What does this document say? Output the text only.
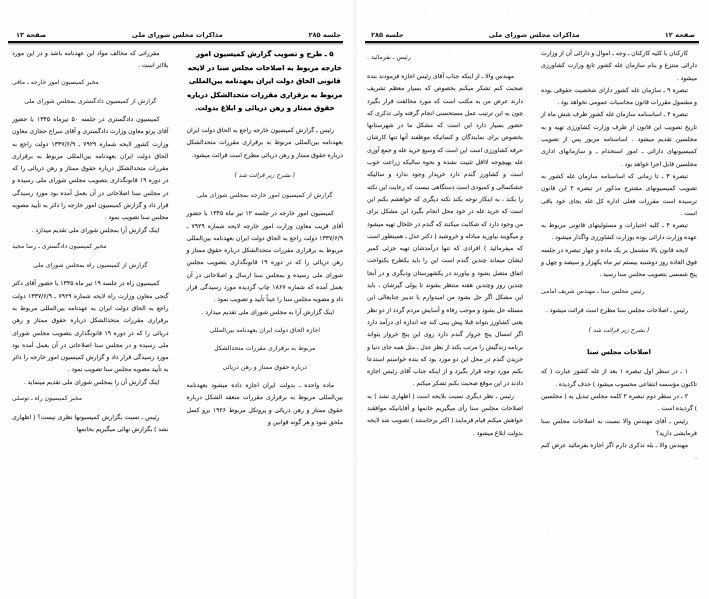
صفحه ۱۲
مذاکرات مجلس شورای ملی
جلسه ۲۸۵

کارکنان با کلیه کارکنان ـ وجه ـ اموال و دارائی آن از وزارت دارائی منتزع و بنام سازمان غله کشور تابع وزارت کشاورزی میشود .

تبصره ۹ ـ سازمان غله کشور دارای شخصیت حقوقی بوده و مشمول مقررات قانون محاسبات عمومی نخواهد بود .

تبصره ۲ ـ اساسنامه سازمان غله کشور ظرف شش ماه از تاریخ تصویب این قانون از طرف وزارت کشاورزی تهیه و به مجلسین تقدیم میشود . اساسنامه مزبور پس از تصویب کمیسیونهای دارائی ـ امور استخدام ـ و سازمانهای اداری مجلسین قابل اجرا خواهد بود .

تبصره ۳ ـ تا زمانی که اساسنامه سازمان غله کشور به تصویب کمیسیونهای مشترح مذکور در تبصره ۲ این قانون نرسیده است مقررات فعلی اداره کل غله بجای خود باقی است .

تبصره ۴ ـ کلیه اختیارات و مسئولیتهای قانونی مربوط به عهده وزارت دارائی بوده بوزارت کشاورزی واگذار میشود .

لایحه قانون بالا مشتمل بر یک ماده و چهار تبصره در جلسه فوق العاده روز دوشنبه بیستم تیر ماه یکهزار و سیصد و چهل و پنج شمسی بتصویب مجلس سنا رسید .

رئیس مجلس سنا ـ مهندس شریف امامی

رئیس ـ اصلاحات مجلس سنا مطرح است قرائت میشود .

( بشرح زیر قرائت شد )

اصلاحات مجلس سنا

۱ ـ در سطر اول تبصره ۱ بعد از غله کشور عبارت ( که تاکنون مؤسسه انتفاعی محسوب میشود ) حذف گردیده .

۲ ـ در سطر دوم تبصره ۲ کلمه مجلس تبدیل به ( مجلسین ) گردیده است .

رئیس ـ آقای مهندس والا نسبت به اصلاحات مجلس سنا فرمایشی دارید؟

مهندس والا ـ بله تذکری دارم اگر اجازه بفرمائید عرض کنم .

رئیس ـ بفرمائید .

مهندس والا ـ از اینکه جناب آقای رئیس اجازه فرمودند بنده صحبت کنم تشکر میکنم بخصوص که بسیار معظم تشریف دارند عرض من به مکتب است که مورد مخالفت قرار بگیرد چون به این ترتیب عمل مستحسنی انجام گرفته ولی تذکری که حضور بسیار دارد این است که مشکل ما در شهرستانها بخصوص برای نمایندگان و کسانیکه موظفند آنها تنها کارشان حرفه کشاورزی است این است که وسیع خرید غله و جمع آوری غله بهیچوجه لااقل تثبیت نشده و نحوه سالیکه زراعت خوب است و کشاورز گندم دارد خریدار وجود ندارد و سالیکه خشکسالی و کمبودی است دستگاهی نیست که رعایت این نکته را بکند ، به اینکار توجه بکند نکته دیگری که خواهشم بکنم این است که خرید غله در خود محل انجام بگیرد این مشکل برای من وجود دارد که شکایت میکنند که گندم در خلخال تهیه میشود و میگویند بیاورید مبادله و خروشید ( دکتر عدل ـ همینطور است که میفرمائید ) افرادی که تنها درآمدشان تهیه جزئی کمبر ایشان میماند چندین گندم است این را باید یکطرح یکنواخت اتفاق متصل بشود و بیاورند در یکشهرستان ودیگری و در آنجا چندین روز وچندین هفته منتظر بشوند تا پولی گیرشان ، باید این مشکل اگر حل بشود من امیدوارم با تدبیر جنابعالی این مسئله حل بشود و موجب رفاه و آسایش مردم گردد از دو نظر یعنی کشاورز بتواند قبلا پیش بینی کند چه اندازه ای درآمد دارد اگر امسال پنج خروار گندم دارد روی این پنج خروار بتواند برنامه زندگیش را مرتب بکند از نظر عدل ـ مثل همه جای دنیا و خریدن گندم در محل این دو مورد بود که بنده خواستم استدعا بکنم مورد توجه قرار بگیرد و از اینکه جناب آقای رئیس اجازه دادند در این موقع صحبت بکنم تشکر میکنم .

رئیس ـ نظر دیگری نسبت بلایحه است ( اظهاری نشد ) به اصلاحات مجلس سنا رأی میگیریم خانمها و آقایانیکه موافقند خواهش میکنم قیام فرمایند ( اکثر برخاستند ) تصویب شد لایحه بدولت ابلاغ میشود .

جلسه ۲۸۵
مذاکرات مجلس شورای ملی
صفحه ۱۳

۵ ـ طرح و تصویب گزارش کمیسیون امور خارجه مربوط به اصلاحات مجلس سنا در لایحه قانونی الحاق دولت ایران بعهدنامه بین‌المللی مربوط به برقراری مقررات متحدالشکل درباره حقوق ممتاز و رهن دریائی و ابلاغ بدولت.

رئیس ـ گزارش کمیسیون خارجه راجع به الحاق دولت ایران بعهدنامه بین‌المللی مربوط به برقراری مقررات متحدالشکل درباره حقوق ممتاز و رهن دریائی مطرح است قرائت میشود.

( بشرح زیر قرائت شد )

گزارش از کمیسیون امور خارجه بمجلس شورای ملی

کمیسیون امور خارجه در جلسه ۱۲ تیر ماه ۱۳۴۵ با حضور آقای قریب معاون وزارت امور خارجه لایحه شماره ۷۹۲۹ ـ ۱۳۳۷/۶/۹ دولت راجع به الحاق دولت ایران بعهدنامه بین‌المللی مربوط به برقراری مقررات متحدالشکل درباره حقوق ممتاز و رهن دریائی را که در دوره ۱۹ قانونگذاری بتصویب مجلس شورای ملی رسیده و بمجلس سنا ارسال و اصلاحاتی در آن بعمل آمده که شماره ۱۸۶۷ چاپ گردیده مورد رسیدگی قرار داد و مصوبه مجلس سنا را عیناً تأیید و تصویب نمود .

اینک گزارش آرا به مجلس شورای ملی تقدیم میدارد .

اجازه الحاق دولت ایران بعهدنامه بین‌المللی

مربوط به برقراری مقررات متحدالشکل

درباره حقوق ممتاز و رهن دریائی

ماده واحده ـ بدولت ایران اجازه داده میشود بعهدنامه بین‌المللی مربوط به برقراری مقررات منعقد الشکل درباره حقوق ممتاز و رهن دریائی و پروتکل مربوط ۱۹۲۶ برو کسل ملحق شود و هر گونه قوانین و

مقرراتی که مخالف مواد این عهدنامه باشد و در این مورد بلااثر است .

مخبر کمیسیون امور خارجه ـ مافی

گزارش از کمیسیون دادگستری بمجلس شورای ملی

کمیسیون دادگستری در جلسه ۵۰ تیرماه ۱۳۴۵ با حضور آقای پرتو معاون وزارت دادگستری و آقای سراج حجازی معاون وزارت کشور لایحه شماره ۷۹۲۹ ـ ۱۳۳۷/۶/۹ دولت راجع به الحاق دولت ایران بعهدنامه بین‌المللی مربوط به برقراری مقررات متحدالشکل درباره حقوق ممتاز و رهن دریائی را که در دوره ۱۹ قانونگذاری بتصویب مجلس شورای ملی رسیده و در مجلس سنا اصلاحاتی در آن بعمل آمده بود مورد رسیدگی قرار داد و گزارش کمیسیون امور خارجه را دائر به تأیید مصوبه مجلس سنا تصویب نمود .

اینک گزارش آرا بمجلس شورای ملی تقدیم میدارد .

مخبر کمیسیون دادگستری ـ رضا مجید

گزارش از کمیسیون راه بمجلس شورای ملی

کمیسیون راه در جلسه ۱۹ تیر ماه ۱۳۴۵ با حضور آقای دکتر گنجی معاون وزارت راه لایحه شماره ۷۹۲۹ ـ ۱۳۳۷/۶/۹ دولت راجع به الحاق دولت ایران به عهدنامه بین‌المللی مربوط به برقراری مقررات متحدالشکل درباره حقوق ممتاز و رهن دریائی را که در دوره ۱۹ قانونگذاری بتصویب مجلس شورای ملی رسیده و در مجلس سنا اصلاحاتی در آن بعمل آمده بود مورد رسیدگی قرار داد و گزارش کمیسیون امور خارجه را دائر به تأیید مصوبه مجلس سنا تصویب نمود .

اینک گزارش آن را بمجلس شورای ملی تقدیم مینماید .

مخبر کمیسیون راه ـ توسلی

رئیس ـ نسبت بگزارش کمیسیونها نظری نیست؟ ( اظهاری نشد ) بگزارش نهائی میگیریم بخانمها
